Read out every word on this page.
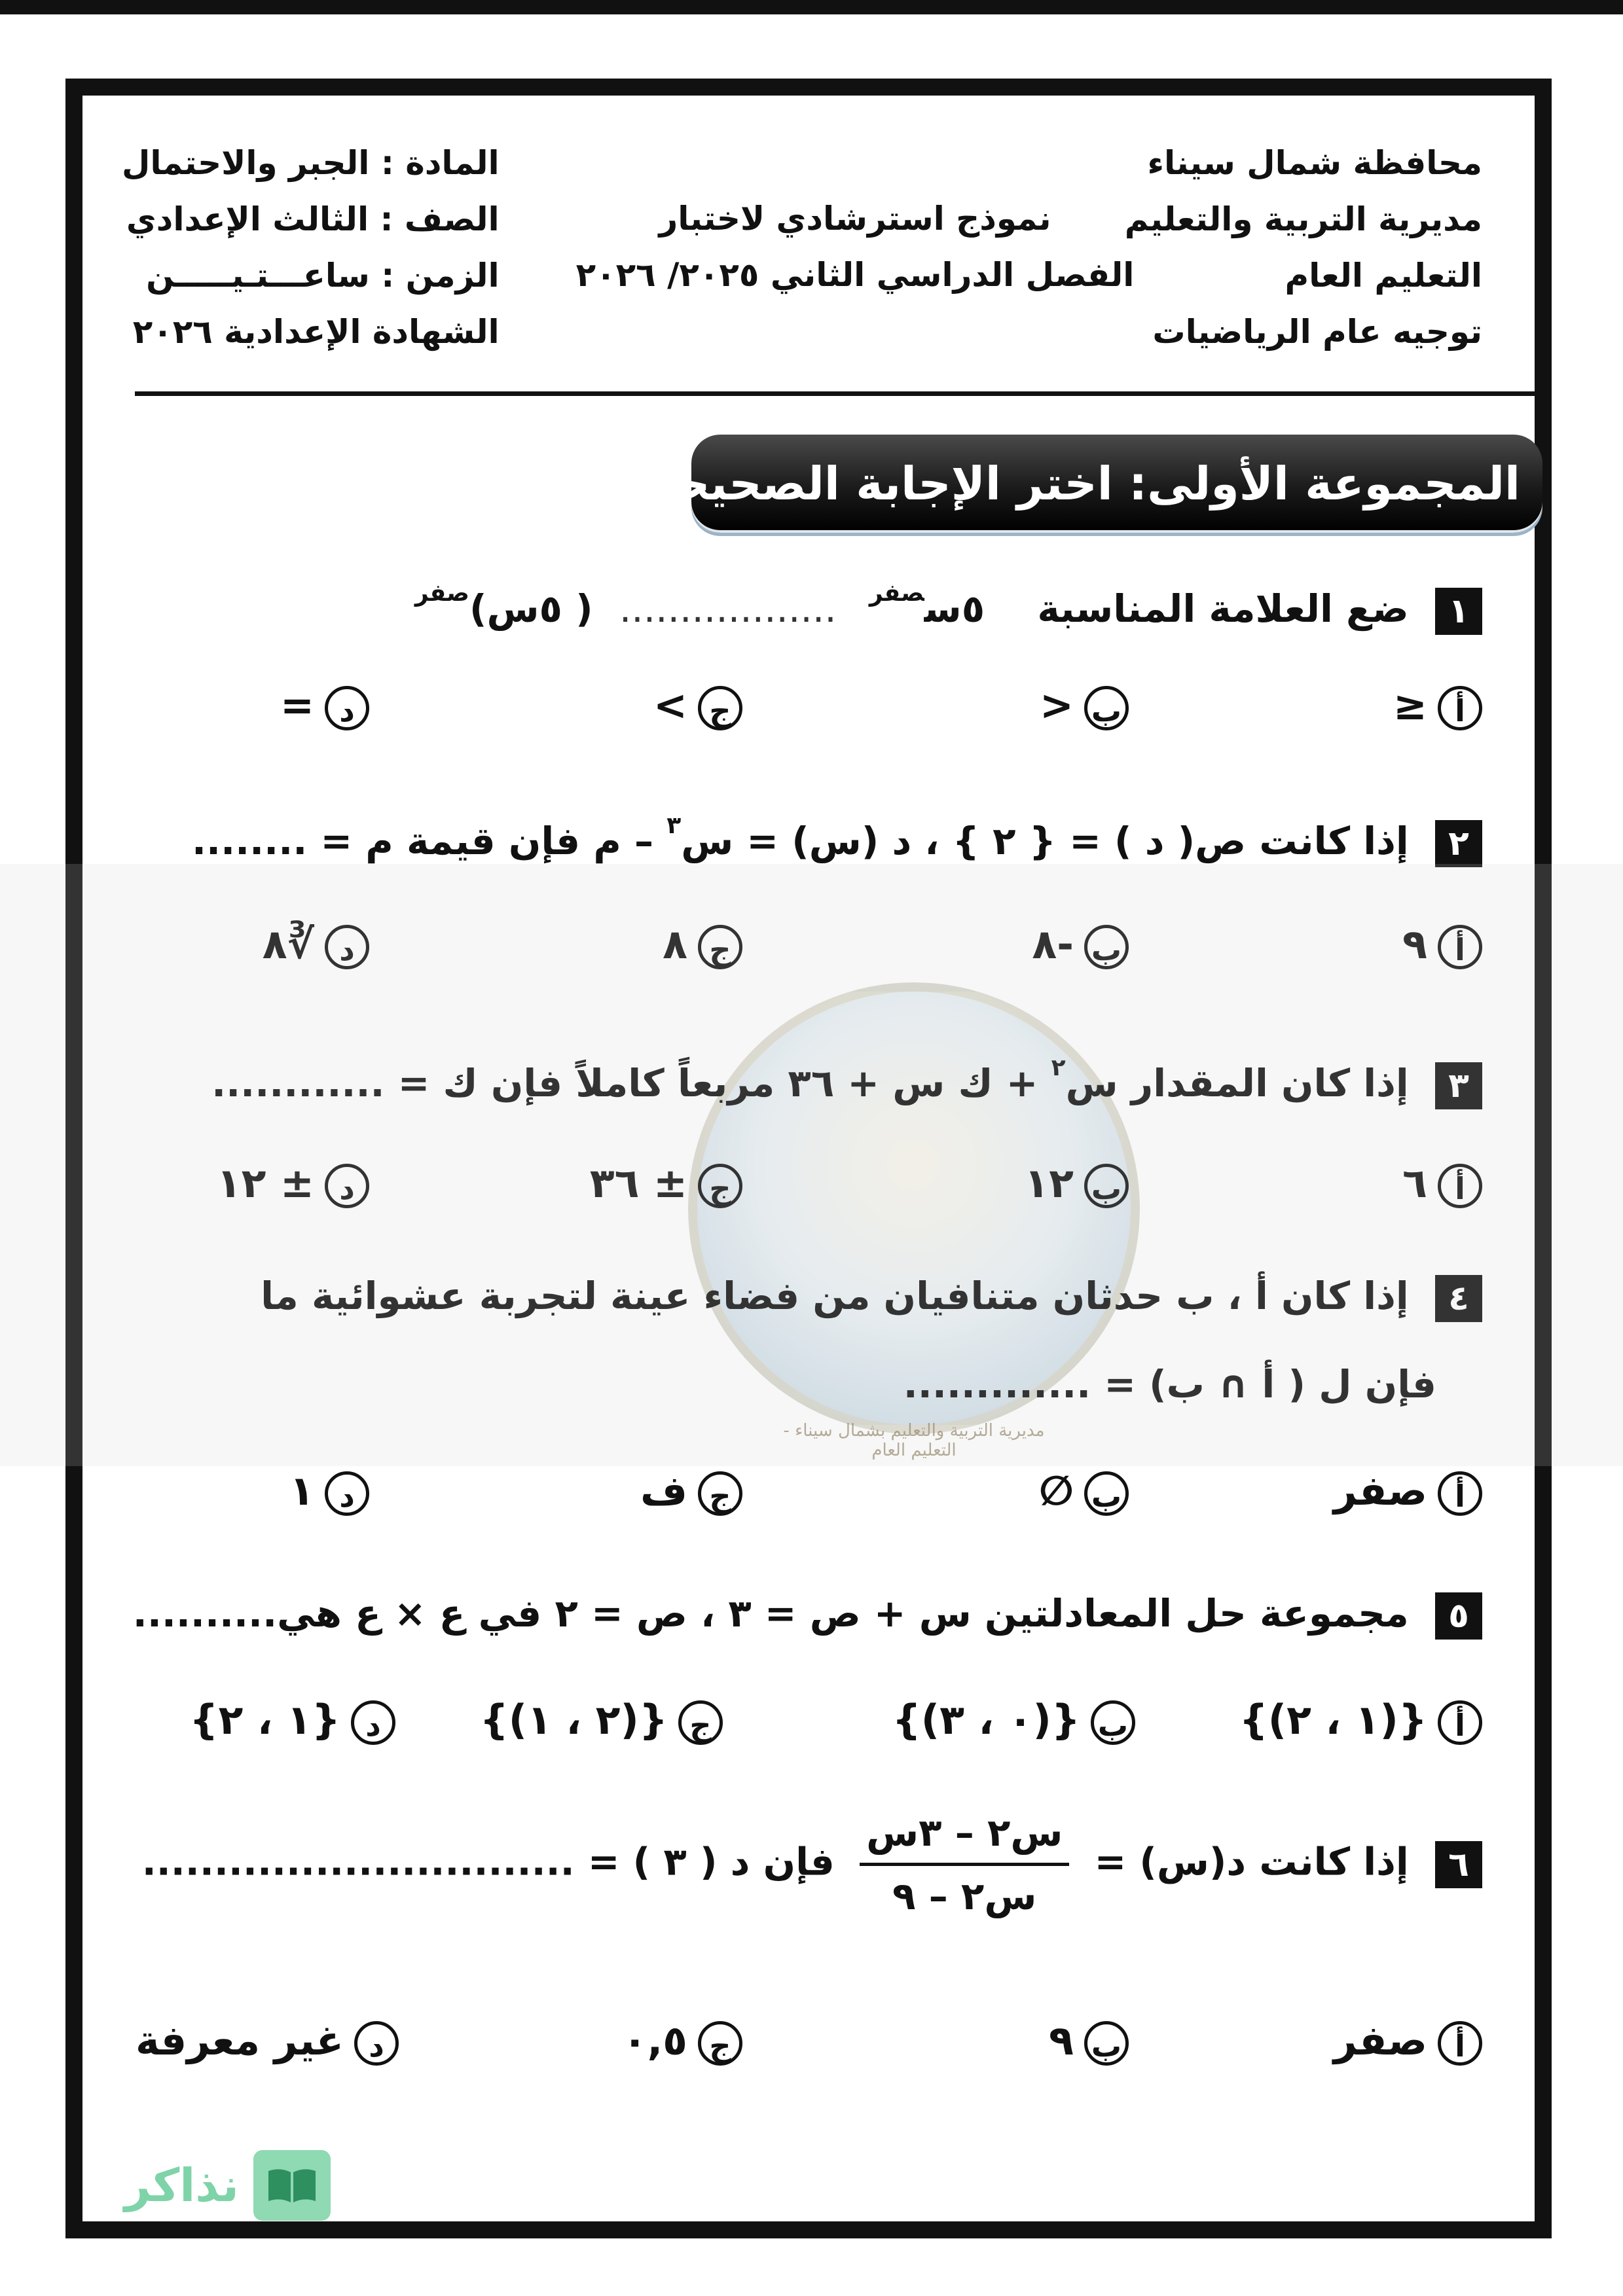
محافظة شمال سيناء
مديرية التربية والتعليم
التعليم العام
توجيه عام الرياضيات
نموذج استرشادي لاختبار
الفصل الدراسي الثاني ٢٠٢٥/ ٢٠٢٦
المادة : الجبر والاحتمال
الصف : الثالث الإعدادي
الزمن : ساعـــتـيـــــن
الشهادة الإعدادية ٢٠٢٦
المجموعة الأولى: اختر الإجابة الصحيحة
مديرية التربية والتعليم بشمال سيناء - التعليم العام
١ ضع العلامة المناسبة ٥س$^{صفر}$ .................. ( ٥س)$^{صفر}$
أ≤
ب<
ج>
د=
٢ إذا كانت ص( د ) = { ٢ } ، د (س) = س$^٣$ – م فإن قيمة م = ........
أ٩
ب-٨
ج٨
د∛٨
٣ إذا كان المقدار س$^٢$ + ك س + ٣٦ مربعاً كاملاً فإن ك = ............
أ٦
ب١٢
ج± ٣٦
د± ١٢
٤ إذا كان أ ، ب حدثان متنافيان من فضاء عينة لتجربة عشوائية ما
فإن ل ( أ ∩ ب) = .............
أصفر
ب∅
جف
د١
٥ مجموعة حل المعادلتين س + ص = ٣ ، ص = ٢ في ع × ع هي..........
أ{(١ ، ٢)}
ب{(٠ ، ٣)}
ج{(٢ ، ١)}
د{١ ، ٢}
٦ إذا كانت د(س) =
$\frac{\text{س٢ – ٣س}}{\text{س٢ – ٩}}$
فإن د ( ٣ ) = ..............................
أصفر
ب٩
ج٠,٥
دغير معرفة
نذاكر
